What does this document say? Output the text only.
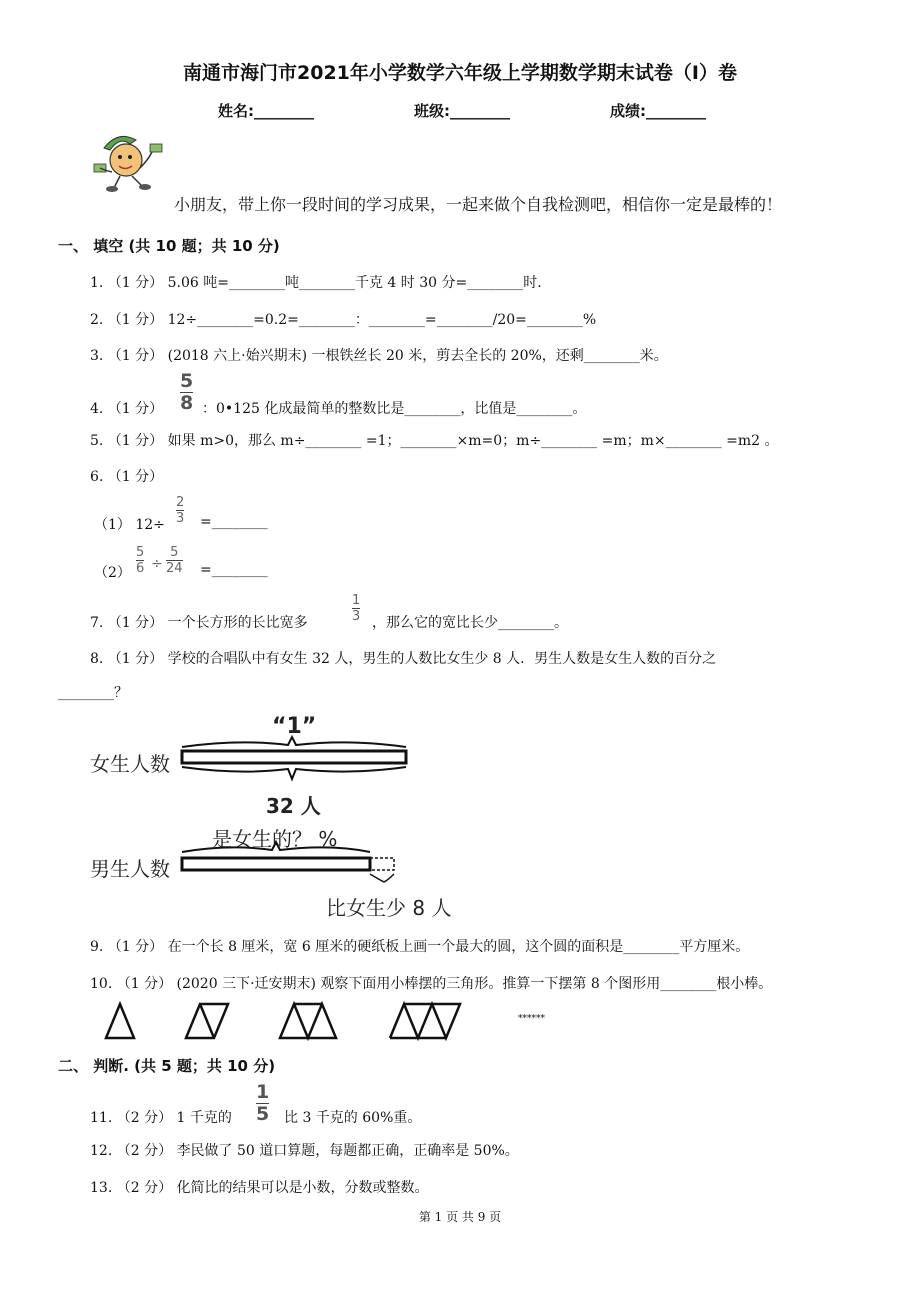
南通市海门市2021年小学数学六年级上学期数学期末试卷（I）卷
姓名:________	班级:________	成绩:________
小朋友，带上你一段时间的学习成果，一起来做个自我检测吧，相信你一定是最棒的！
一、 填空 (共 10 题；共 10 分)
1. （1 分） 5.06 吨=________吨________千克 4 时 30 分=________时.
2. （1 分） 12÷________=0.2=________：________=________/20=________%
3. （1 分） (2018 六上·始兴期末) 一根铁丝长 20 米，剪去全长的 20%，还剩________米。
4. （1 分）
5
8 ：0•125 化成最简单的整数比是________，比值是________。
5. （1 分） 如果 m>0，那么 m÷________ =1；________×m=0；m÷________ =m；m×________ =m2 。
6. （1 分）
（1） 12÷
2
3 =________
（2）
5
6 ÷
5
24 =________
7. （1 分） 一个长方形的长比宽多
1
3 ，那么它的宽比长少________。
8. （1 分） 学校的合唱队中有女生 32 人，男生的人数比女生少 8 人．男生人数是女生人数的百分之
________？
“1”
女生人数
32 人
是女生的？ %
男生人数
比女生少 8 人
9. （1 分） 在一个长 8 厘米，宽 6 厘米的硬纸板上画一个最大的圆，这个圆的面积是________平方厘米。
10. （1 分） (2020 三下·迁安期末) 观察下面用小棒摆的三角形。推算一下摆第 8 个图形用________根小棒。
******
二、 判断. (共 5 题；共 10 分)
11. （2 分） 1 千克的
1
5 比 3 千克的 60%重。
12. （2 分） 李民做了 50 道口算题，每题都正确，正确率是 50%。
13. （2 分） 化简比的结果可以是小数，分数或整数。
第 1 页 共 9 页
